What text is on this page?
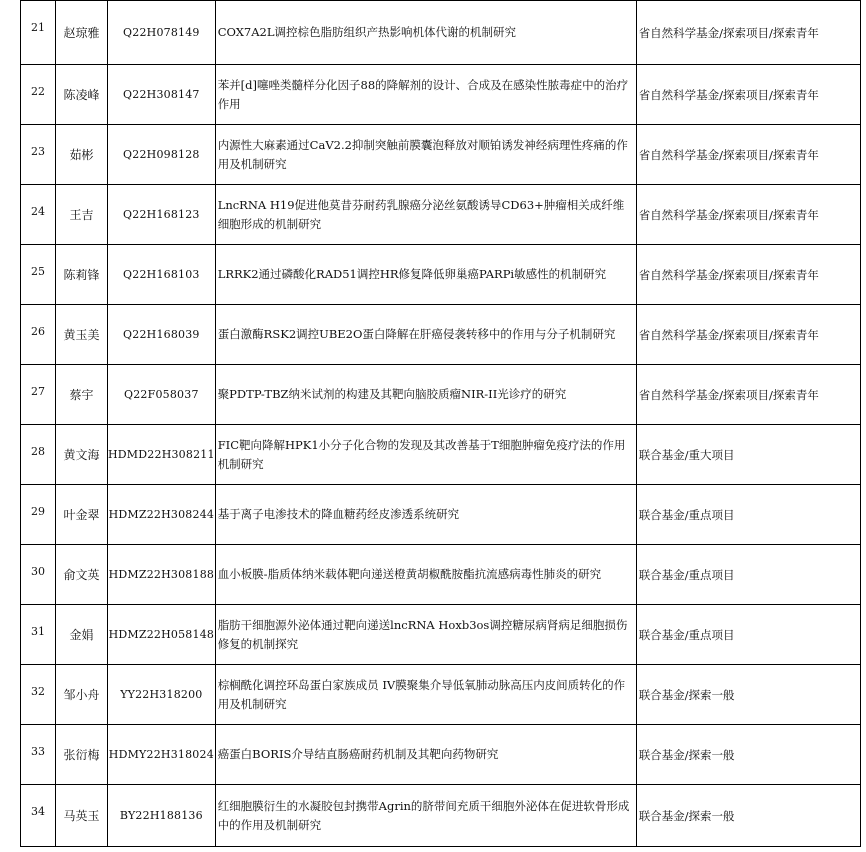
21	赵琼雅	Q22H078149	COX7A2L调控棕色脂肪组织产热影响机体代谢的机制研究	省自然科学基金/探索项目/探索青年
22	陈凌峰	Q22H308147	苯并[d]噻唑类髓样分化因子88的降解剂的设计、合成及在感染性脓毒症中的治疗作用	省自然科学基金/探索项目/探索青年
23	茹彬	Q22H098128	内源性大麻素通过CaV2.2抑制突触前膜囊泡释放对顺铂诱发神经病理性疼痛的作用及机制研究	省自然科学基金/探索项目/探索青年
24	王吉	Q22H168123	LncRNA H19促进他莫昔芬耐药乳腺癌分泌丝氨酸诱导CD63+肿瘤相关成纤维细胞形成的机制研究	省自然科学基金/探索项目/探索青年
25	陈莉锋	Q22H168103	LRRK2通过磷酸化RAD51调控HR修复降低卵巢癌PARPi敏感性的机制研究	省自然科学基金/探索项目/探索青年
26	黄玉美	Q22H168039	蛋白激酶RSK2调控UBE2O蛋白降解在肝癌侵袭转移中的作用与分子机制研究	省自然科学基金/探索项目/探索青年
27	蔡宇	Q22F058037	聚PDTP-TBZ纳米试剂的构建及其靶向脑胶质瘤NIR-II光诊疗的研究	省自然科学基金/探索项目/探索青年
28	黄文海	HDMD22H308211	FIC靶向降解HPK1小分子化合物的发现及其改善基于T细胞肿瘤免疫疗法的作用机制研究	联合基金/重大项目
29	叶金翠	HDMZ22H308244	基于离子电渗技术的降血糖药经皮渗透系统研究	联合基金/重点项目
30	俞文英	HDMZ22H308188	血小板膜-脂质体纳米载体靶向递送橙黄胡椒酰胺酯抗流感病毒性肺炎的研究	联合基金/重点项目
31	金娟	HDMZ22H058148	脂肪干细胞源外泌体通过靶向递送lncRNA Hoxb3os调控糖尿病肾病足细胞损伤修复的机制探究	联合基金/重点项目
32	邹小舟	YY22H318200	棕榈酰化调控环岛蛋白家族成员 IV膜聚集介导低氧肺动脉高压内皮间质转化的作用及机制研究	联合基金/探索一般
33	张衍梅	HDMY22H318024	癌蛋白BORIS介导结直肠癌耐药机制及其靶向药物研究	联合基金/探索一般
34	马英玉	BY22H188136	红细胞膜衍生的水凝胶包封携带Agrin的脐带间充质干细胞外泌体在促进软骨形成中的作用及机制研究	联合基金/探索一般
